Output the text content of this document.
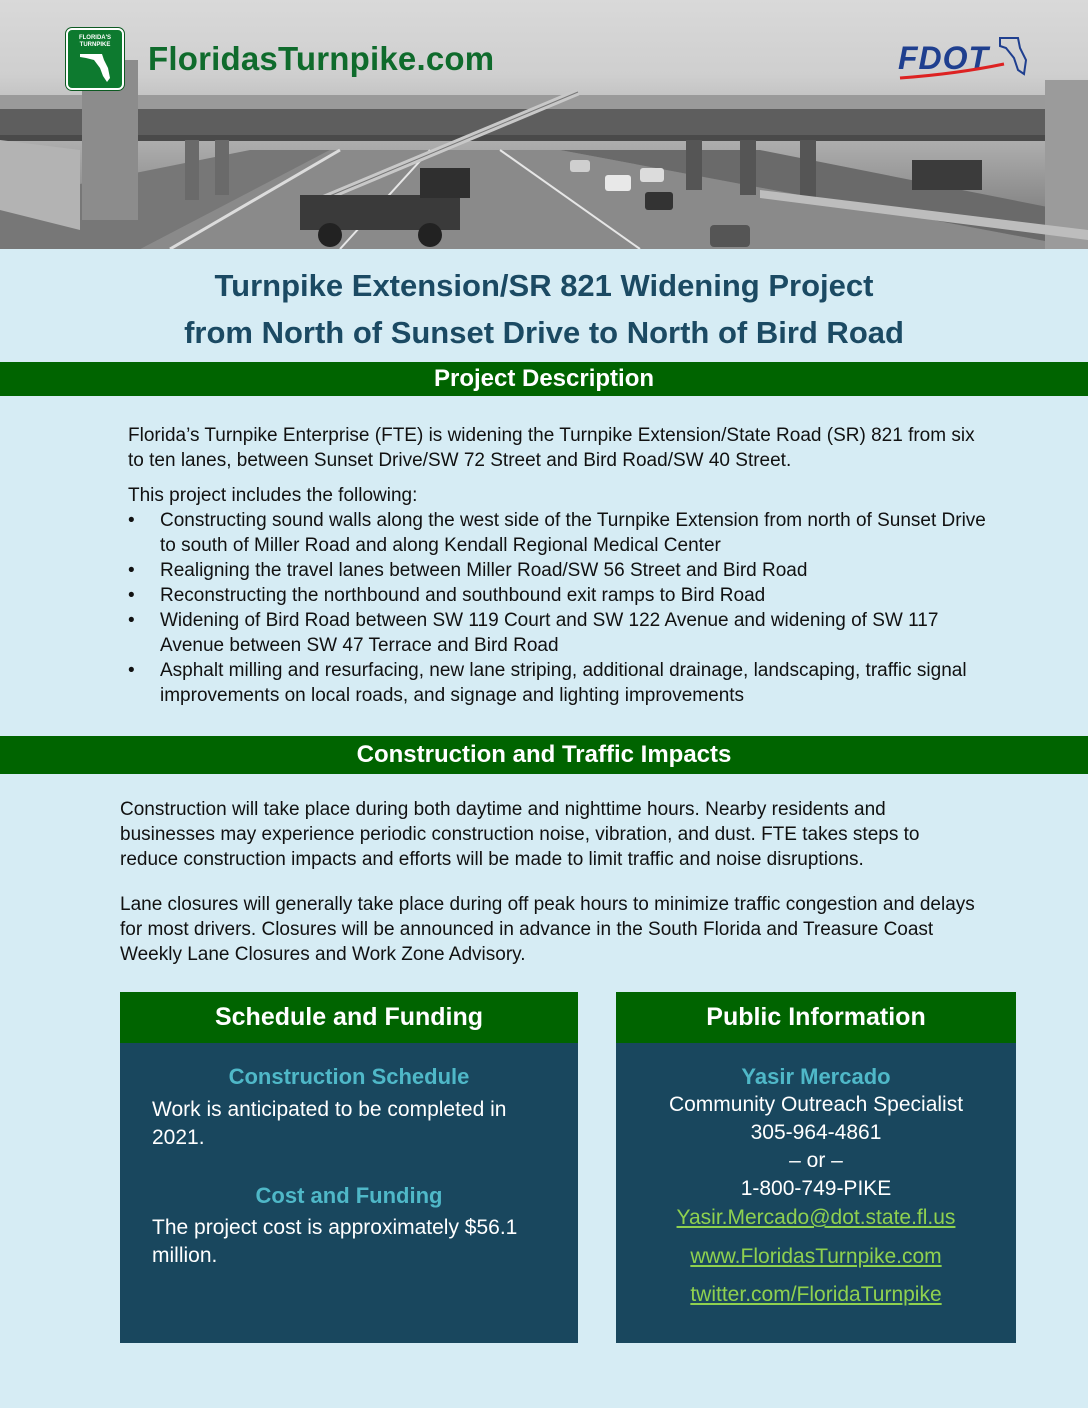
FLORIDA'S TURNPIKE	FloridasTurnpike.com	FDOT
Turnpike Extension/SR 821 Widening Project
from North of Sunset Drive to North of Bird Road
Project Description
Florida’s Turnpike Enterprise (FTE) is widening the Turnpike Extension/State Road (SR) 821 from six to ten lanes, between Sunset Drive/SW 72 Street and Bird Road/SW 40 Street.
This project includes the following:
• Constructing sound walls along the west side of the Turnpike Extension from north of Sunset Drive to south of Miller Road and along Kendall Regional Medical Center
• Realigning the travel lanes between Miller Road/SW 56 Street and Bird Road
• Reconstructing the northbound and southbound exit ramps to Bird Road
• Widening of Bird Road between SW 119 Court and SW 122 Avenue and widening of SW 117 Avenue between SW 47 Terrace and Bird Road
• Asphalt milling and resurfacing, new lane striping, additional drainage, landscaping, traffic signal improvements on local roads, and signage and lighting improvements
Construction and Traffic Impacts
Construction will take place during both daytime and nighttime hours. Nearby residents and businesses may experience periodic construction noise, vibration, and dust. FTE takes steps to reduce construction impacts and efforts will be made to limit traffic and noise disruptions.
Lane closures will generally take place during off peak hours to minimize traffic congestion and delays for most drivers. Closures will be announced in advance in the South Florida and Treasure Coast Weekly Lane Closures and Work Zone Advisory.
Schedule and Funding
Construction Schedule
Work is anticipated to be completed in 2021.
Cost and Funding
The project cost is approximately $56.1 million.
Public Information
Yasir Mercado
Community Outreach Specialist
305-964-4861
– or –
1-800-749-PIKE
Yasir.Mercado@dot.state.fl.us
www.FloridasTurnpike.com
twitter.com/FloridaTurnpike
